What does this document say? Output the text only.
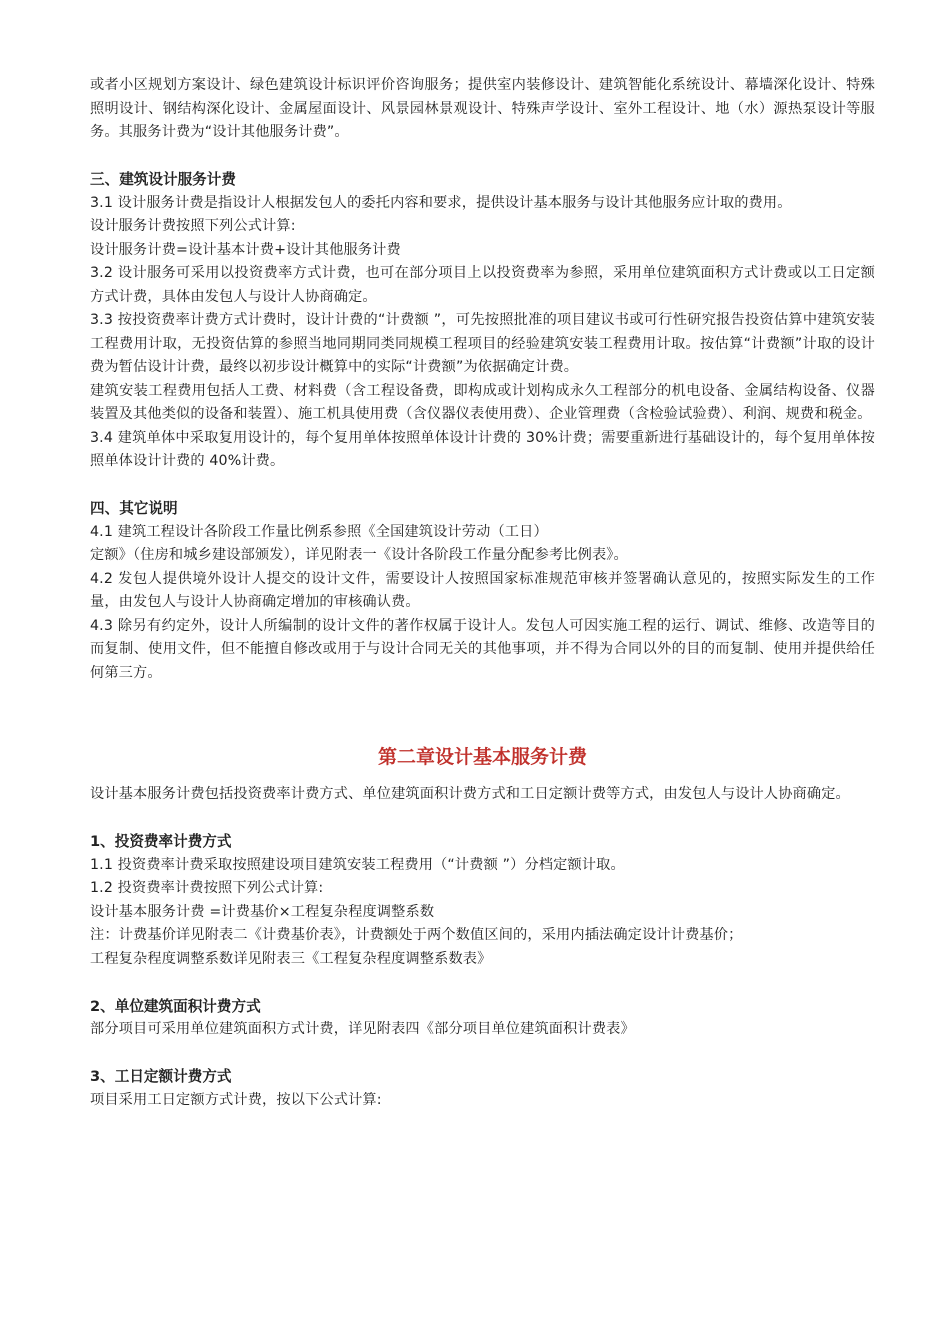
或者小区规划方案设计、绿色建筑设计标识评价咨询服务；提供室内装修设计、建筑智能化系统设计、幕墙深化设计、特殊照明设计、钢结构深化设计、金属屋面设计、风景园林景观设计、特殊声学设计、室外工程设计、地（水）源热泵设计等服务。其服务计费为“设计其他服务计费”。

三、建筑设计服务计费

3.1 设计服务计费是指设计人根据发包人的委托内容和要求，提供设计基本服务与设计其他服务应计取的费用。

设计服务计费按照下列公式计算:

设计服务计费=设计基本计费+设计其他服务计费

3.2 设计服务可采用以投资费率方式计费，也可在部分项目上以投资费率为参照，采用单位建筑面积方式计费或以工日定额方式计费，具体由发包人与设计人协商确定。

3.3 按投资费率计费方式计费时，设计计费的“计费额 ”，可先按照批准的项目建议书或可行性研究报告投资估算中建筑安装工程费用计取，无投资估算的参照当地同期同类同规模工程项目的经验建筑安装工程费用计取。按估算“计费额”计取的设计费为暂估设计计费，最终以初步设计概算中的实际“计费额”为依据确定计费。

建筑安装工程费用包括人工费、材料费（含工程设备费，即构成或计划构成永久工程部分的机电设备、金属结构设备、仪器装置及其他类似的设备和装置）、施工机具使用费（含仪器仪表使用费）、企业管理费（含检验试验费）、利润、规费和税金。

3.4 建筑单体中采取复用设计的，每个复用单体按照单体设计计费的 30%计费；需要重新进行基础设计的，每个复用单体按照单体设计计费的 40%计费。

四、其它说明

4.1 建筑工程设计各阶段工作量比例系参照《全国建筑设计劳动（工日）

定额》（住房和城乡建设部颁发），详见附表一《设计各阶段工作量分配参考比例表》。

4.2 发包人提供境外设计人提交的设计文件，需要设计人按照国家标准规范审核并签署确认意见的，按照实际发生的工作量，由发包人与设计人协商确定增加的审核确认费。

4.3 除另有约定外，设计人所编制的设计文件的著作权属于设计人。发包人可因实施工程的运行、调试、维修、改造等目的而复制、使用文件，但不能擅自修改或用于与设计合同无关的其他事项，并不得为合同以外的目的而复制、使用并提供给任何第三方。

第二章设计基本服务计费

设计基本服务计费包括投资费率计费方式、单位建筑面积计费方式和工日定额计费等方式，由发包人与设计人协商确定。

1、投资费率计费方式

1.1 投资费率计费采取按照建设项目建筑安装工程费用（“计费额 ”）分档定额计取。

1.2 投资费率计费按照下列公式计算:

设计基本服务计费 =计费基价×工程复杂程度调整系数

注：计费基价详见附表二《计费基价表》，计费额处于两个数值区间的，采用内插法确定设计计费基价；

工程复杂程度调整系数详见附表三《工程复杂程度调整系数表》

2、单位建筑面积计费方式

部分项目可采用单位建筑面积方式计费，详见附表四《部分项目单位建筑面积计费表》

3、工日定额计费方式

项目采用工日定额方式计费，按以下公式计算:
